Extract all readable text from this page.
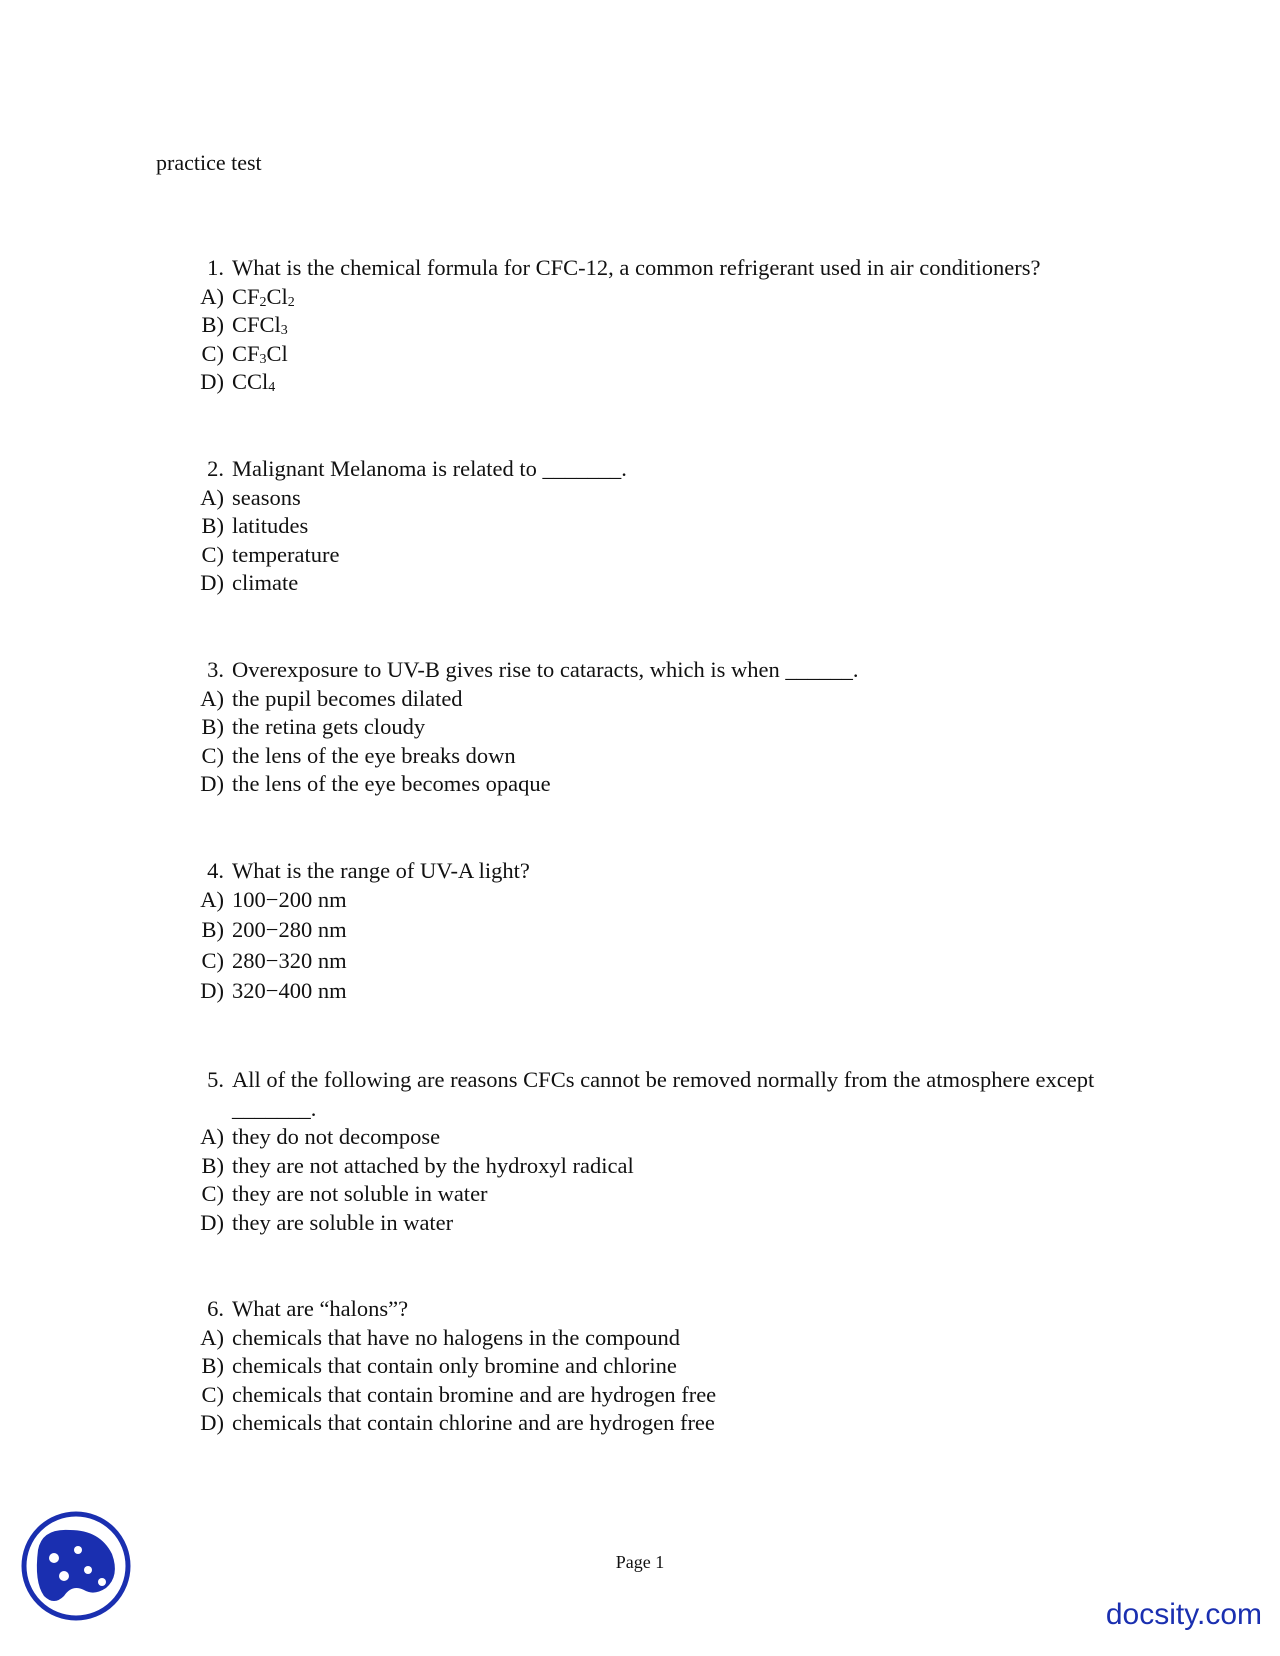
practice test
1. What is the chemical formula for CFC-12, a common refrigerant used in air conditioners?
A) $CF_2Cl_2$
B) CFCl$_3$
C) $CF_3Cl$
D) CCl$_4$
2. Malignant Melanoma is related to _______.
A) seasons
B) latitudes
C) temperature
D) climate
3. Overexposure to UV-B gives rise to cataracts, which is when ______.
A) the pupil becomes dilated
B) the retina gets cloudy
C) the lens of the eye breaks down
D) the lens of the eye becomes opaque
4. What is the range of UV-A light?
A) 100−200 nm
B) 200−280 nm
C) 280−320 nm
D) 320−400 nm
5. All of the following are reasons CFCs cannot be removed normally from the atmosphere except _______.
A) they do not decompose
B) they are not attached by the hydroxyl radical
C) they are not soluble in water
D) they are soluble in water
6. What are “halons”?
A) chemicals that have no halogens in the compound
B) chemicals that contain only bromine and chlorine
C) chemicals that contain bromine and are hydrogen free
D) chemicals that contain chlorine and are hydrogen free
Page 1
docsity.com
